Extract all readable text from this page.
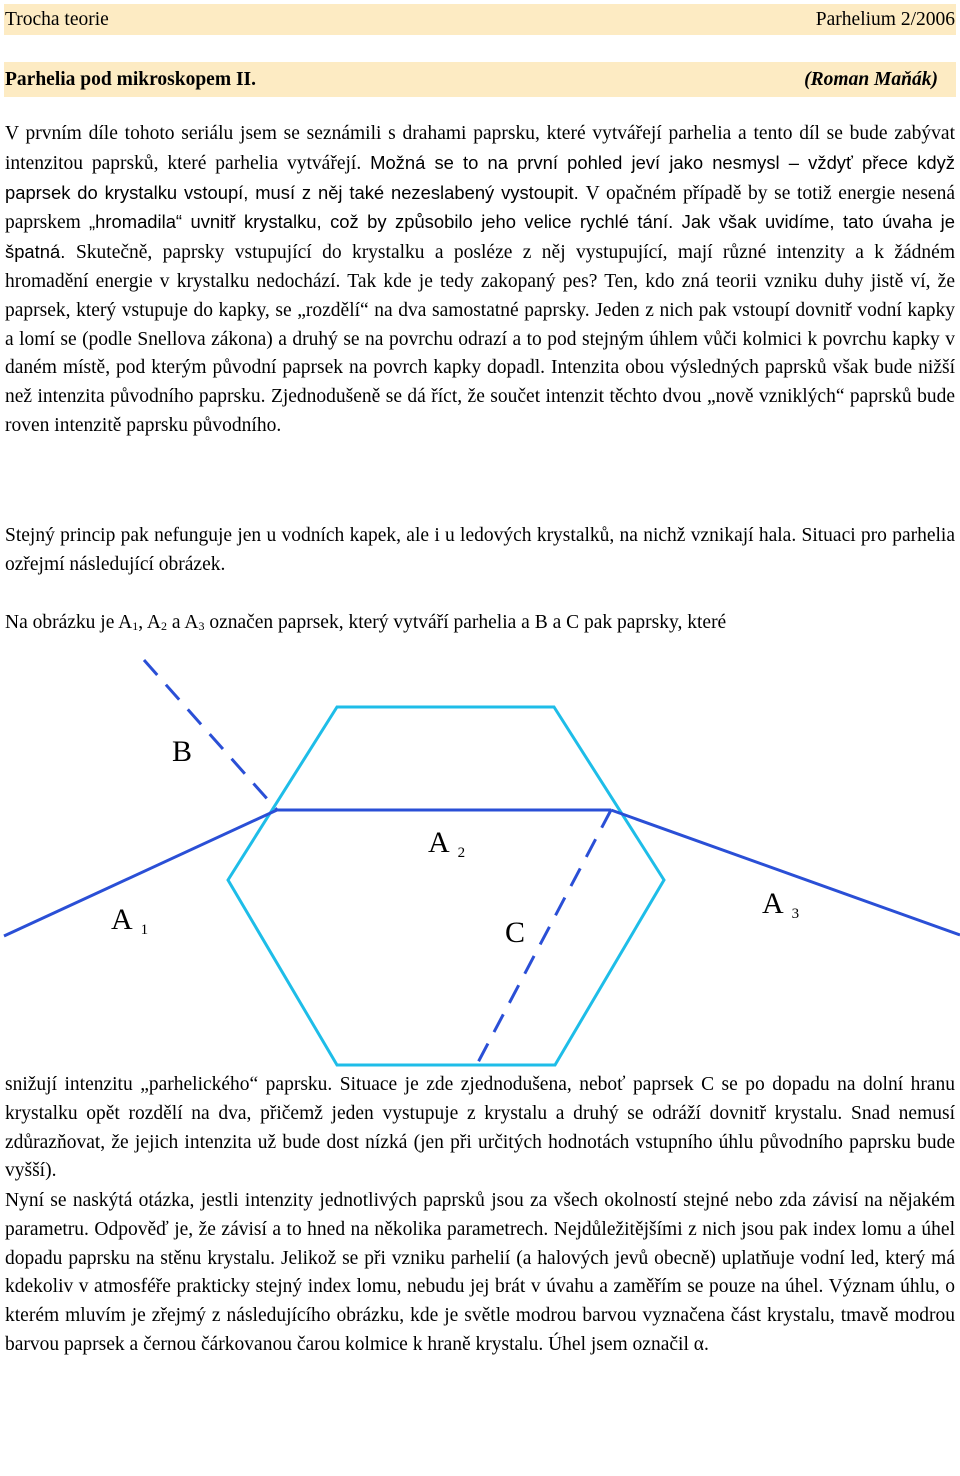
Trocha teorie	Parhelium 2/2006
Parhelia pod mikroskopem II.	(Roman Maňák)

V prvním díle tohoto seriálu jsem se seznámili s drahami paprsku, které vytvářejí parhelia a tento díl se bude zabývat intenzitou paprsků, které parhelia vytvářejí. Možná se to na první pohled jeví jako nesmysl – vždyť přece když paprsek do krystalku vstoupí, musí z něj také nezeslabený vystoupit. V opačném případě by se totiž energie nesená paprskem „hromadila“ uvnitř krystalku, což by způsobilo jeho velice rychlé tání. Jak však uvidíme, tato úvaha je špatná. Skutečně, paprsky vstupující do krystalku a posléze z něj vystupující, mají různé intenzity a k žádném hromadění energie v krystalku nedochází. Tak kde je tedy zakopaný pes? Ten, kdo zná teorii vzniku duhy jistě ví, že paprsek, který vstupuje do kapky, se „rozdělí“ na dva samostatné paprsky. Jeden z nich pak vstoupí dovnitř vodní kapky a lomí se (podle Snellova zákona) a druhý se na povrchu odrazí a to pod stejným úhlem vůči kolmici k povrchu kapky v daném místě, pod kterým původní paprsek na povrch kapky dopadl. Intenzita obou výsledných paprsků však bude nižší než intenzita původního paprsku. Zjednodušeně se dá říct, že součet intenzit těchto dvou „nově vzniklých“ paprsků bude roven intenzitě paprsku původního.

Stejný princip pak nefunguje jen u vodních kapek, ale i u ledových krystalků, na nichž vznikají hala. Situaci pro parhelia ozřejmí následující obrázek.

Na obrázku je $A_1$, $A_2$ a $A_3$ označen paprsek, který vytváří parhelia a B a C pak paprsky, které

B
A $_2$
A $_1$	C
A $_3$

snižují intenzitu „parhelického“ paprsku. Situace je zde zjednodušena, neboť paprsek C se po dopadu na dolní hranu krystalku opět rozdělí na dva, přičemž jeden vystupuje z krystalu a druhý se odráží dovnitř krystalu. Snad nemusí zdůrazňovat, že jejich intenzita už bude dost nízká (jen při určitých hodnotách vstupního úhlu původního paprsku bude vyšší).

Nyní se naskýtá otázka, jestli intenzity jednotlivých paprsků jsou za všech okolností stejné nebo zda závisí na nějakém parametru. Odpověď je, že závisí a to hned na několika parametrech. Nejdůležitějšími z nich jsou pak index lomu a úhel dopadu paprsku na stěnu krystalu. Jelikož se při vzniku parhelií (a halových jevů obecně) uplatňuje vodní led, který má kdekoliv v atmosféře prakticky stejný index lomu, nebudu jej brát v úvahu a zaměřím se pouze na úhel. Význam úhlu, o kterém mluvím je zřejmý z následujícího obrázku, kde je světle modrou barvou vyznačena část krystalu, tmavě modrou barvou paprsek a černou čárkovanou čarou kolmice k hraně krystalu. Úhel jsem označil α.
